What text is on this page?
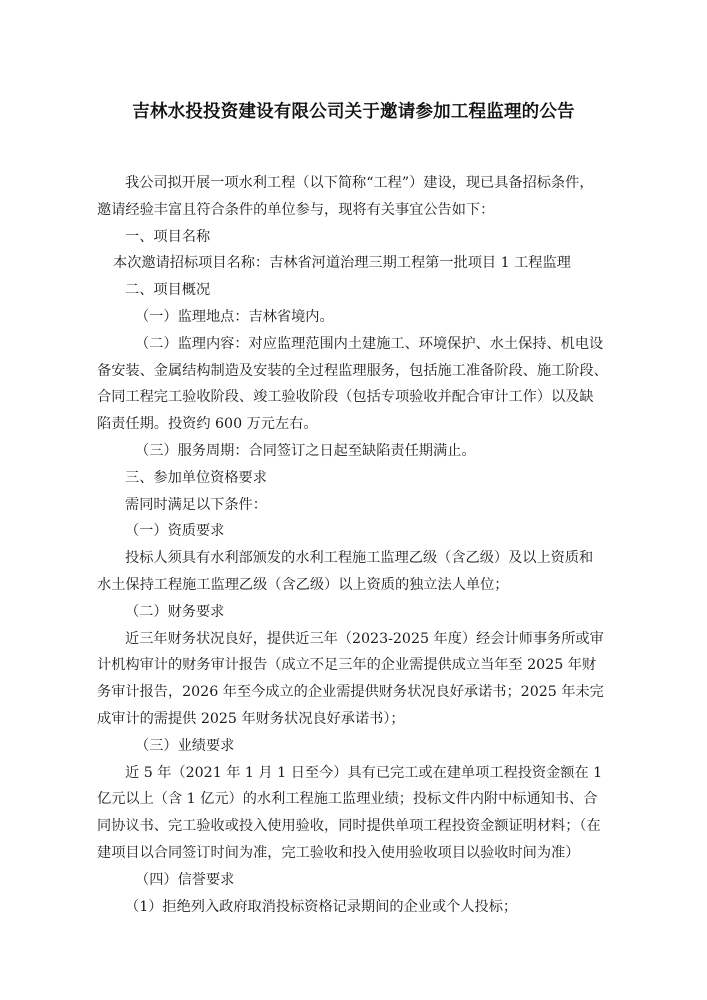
吉林水投投资建设有限公司关于邀请参加工程监理的公告

我公司拟开展一项水利工程（以下简称“工程”）建设，现已具备招标条件，

邀请经验丰富且符合条件的单位参与，现将有关事宜公告如下：

一、项目名称

本次邀请招标项目名称：吉林省河道治理三期工程第一批项目 1 工程监理

二、项目概况

（一）监理地点：吉林省境内。

（二）监理内容：对应监理范围内土建施工、环境保护、水土保持、机电设

备安装、金属结构制造及安装的全过程监理服务，包括施工准备阶段、施工阶段、

合同工程完工验收阶段、竣工验收阶段（包括专项验收并配合审计工作）以及缺

陷责任期。投资约 600 万元左右。

（三）服务周期：合同签订之日起至缺陷责任期满止。

三、参加单位资格要求

需同时满足以下条件：

（一）资质要求

投标人须具有水利部颁发的水利工程施工监理乙级（含乙级）及以上资质和

水土保持工程施工监理乙级（含乙级）以上资质的独立法人单位；

（二）财务要求

近三年财务状况良好，提供近三年（2023-2025 年度）经会计师事务所或审

计机构审计的财务审计报告（成立不足三年的企业需提供成立当年至 2025 年财

务审计报告，2026 年至今成立的企业需提供财务状况良好承诺书；2025 年未完

成审计的需提供 2025 年财务状况良好承诺书）；

（三）业绩要求

近 5 年（2021 年 1 月 1 日至今）具有已完工或在建单项工程投资金额在 1

亿元以上（含 1 亿元）的水利工程施工监理业绩；投标文件内附中标通知书、合

同协议书、完工验收或投入使用验收，同时提供单项工程投资金额证明材料；（在

建项目以合同签订时间为准，完工验收和投入使用验收项目以验收时间为准）

（四）信誉要求

（1）拒绝列入政府取消投标资格记录期间的企业或个人投标；
